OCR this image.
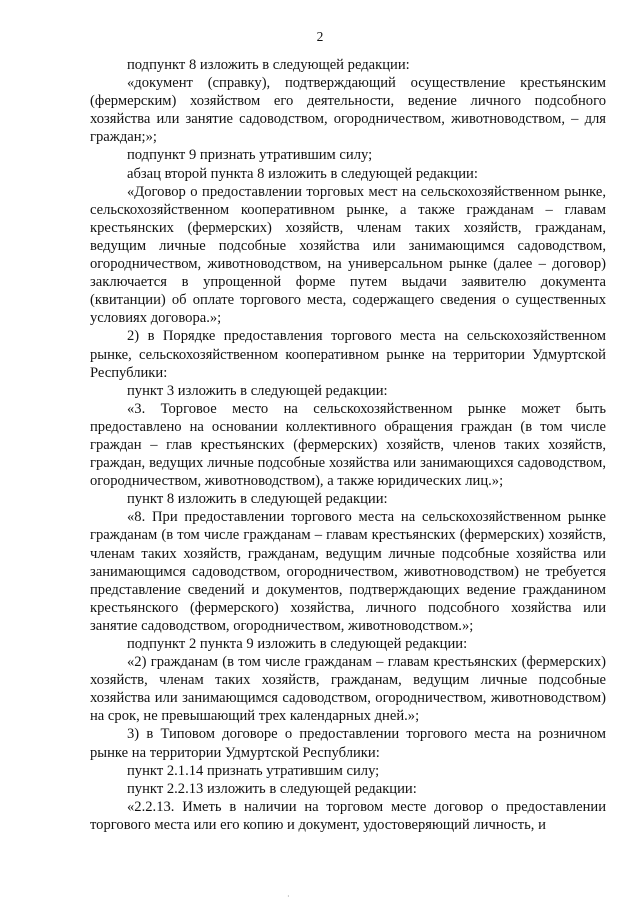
2

подпункт 8 изложить в следующей редакции:

«документ (справку), подтверждающий осуществление крестьянским (фермерским) хозяйством его деятельности, ведение личного подсобного хозяйства или занятие садоводством, огородничеством, животноводством, – для граждан;»;

подпункт 9 признать утратившим силу;

абзац второй пункта 8 изложить в следующей редакции:

«Договор о предоставлении торговых мест на сельскохозяйственном рынке, сельскохозяйственном кооперативном рынке, а также гражданам – главам крестьянских (фермерских) хозяйств, членам таких хозяйств, гражданам, ведущим личные подсобные хозяйства или занимающимся садоводством, огородничеством, животноводством, на универсальном рынке (далее – договор) заключается в упрощенной форме путем выдачи заявителю документа (квитанции) об оплате торгового места, содержащего сведения о существенных условиях договора.»;

2) в Порядке предоставления торгового места на сельскохозяйственном рынке, сельскохозяйственном кооперативном рынке на территории Удмуртской Республики:

пункт 3 изложить в следующей редакции:

«3. Торговое место на сельскохозяйственном рынке может быть предоставлено на основании коллективного обращения граждан (в том числе граждан – глав крестьянских (фермерских) хозяйств, членов таких хозяйств, граждан, ведущих личные подсобные хозяйства или занимающихся садоводством, огородничеством, животноводством), а также юридических лиц.»;

пункт 8 изложить в следующей редакции:

«8. При предоставлении торгового места на сельскохозяйственном рынке гражданам (в том числе гражданам – главам крестьянских (фермерских) хозяйств, членам таких хозяйств, гражданам, ведущим личные подсобные хозяйства или занимающимся садоводством, огородничеством, животноводством) не требуется представление сведений и документов, подтверждающих ведение гражданином крестьянского (фермерского) хозяйства, личного подсобного хозяйства или занятие садоводством, огородничеством, животноводством.»;

подпункт 2 пункта 9 изложить в следующей редакции:

«2) гражданам (в том числе гражданам – главам крестьянских (фермерских) хозяйств, членам таких хозяйств, гражданам, ведущим личные подсобные хозяйства или занимающимся садоводством, огородничеством, животноводством) на срок, не превышающий трех календарных дней.»;

3) в Типовом договоре о предоставлении торгового места на розничном рынке на территории Удмуртской Республики:

пункт 2.1.14 признать утратившим силу;

пункт 2.2.13 изложить в следующей редакции:

«2.2.13. Иметь в наличии на торговом месте договор о предоставлении торгового места или его копию и документ, удостоверяющий личность, и

·
